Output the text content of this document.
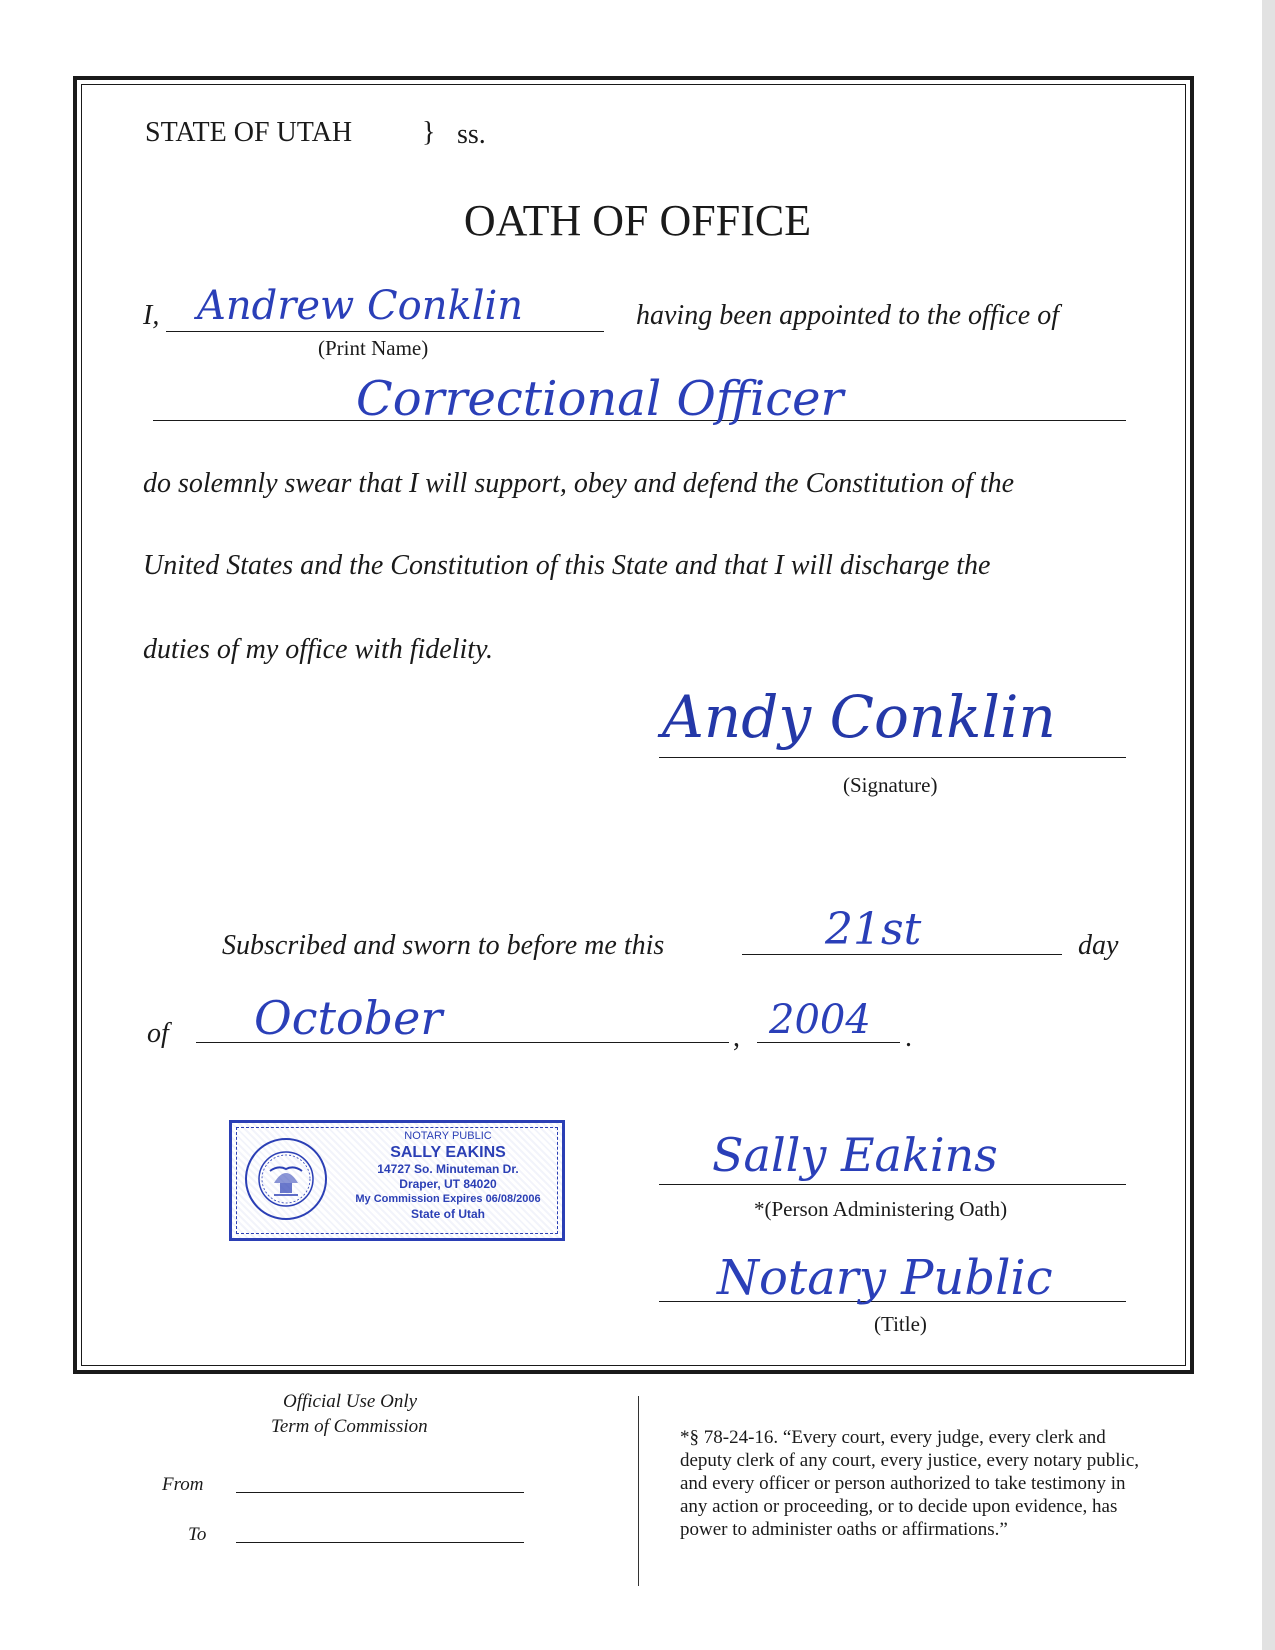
STATE OF UTAH } ss.
OATH OF OFFICE
I, Andrew Conklin
(Print Name)
having been appointed to the office of
Correctional Officer
do solemnly swear that I will support, obey and defend the Constitution of the
United States and the Constitution of this State and that I will discharge the
duties of my office with fidelity.
Andy Conklin
(Signature)
Subscribed and sworn to before me this	21st	day
of October	, 2004 .
NOTARY PUBLIC
SALLY EAKINS
14727 So. Minuteman Dr.
Draper, UT 84020
My Commission Expires 06/08/2006
State of Utah
Sally Eakins
*(Person Administering Oath)
Notary Public
(Title)
Official Use Only
Term of Commission
From
To
*§ 78-24-16. “Every court, every judge, every clerk and
deputy clerk of any court, every justice, every notary public,
and every officer or person authorized to take testimony in
any action or proceeding, or to decide upon evidence, has
power to administer oaths or affirmations.”
